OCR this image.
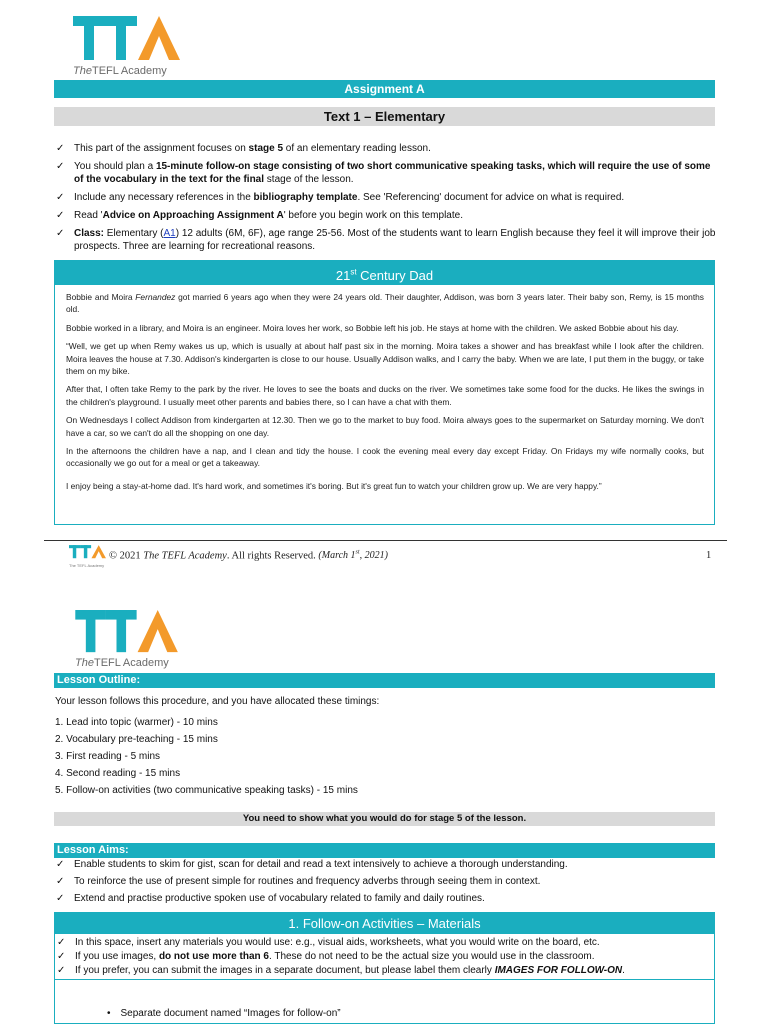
TheTEFL Academy
Assignment A
Text 1 – Elementary
✓ This part of the assignment focuses on stage 5 of an elementary reading lesson.
✓ You should plan a 15-minute follow-on stage consisting of two short communicative speaking tasks, which will require the use of some of the vocabulary in the text for the final stage of the lesson.
✓ Include any necessary references in the bibliography template. See 'Referencing' document for advice on what is required.
✓ Read 'Advice on Approaching Assignment A' before you begin work on this template.
✓ Class: Elementary (A1) 12 adults (6M, 6F), age range 25-56. Most of the students want to learn English because they feel it will improve their job prospects. Three are learning for recreational reasons.
21st Century Dad

Bobbie and Moira Fernandez got married 6 years ago when they were 24 years old. Their daughter, Addison, was born 3 years later. Their baby son, Remy, is 15 months old.

Bobbie worked in a library, and Moira is an engineer. Moira loves her work, so Bobbie left his job. He stays at home with the children. We asked Bobbie about his day.

“Well, we get up when Remy wakes us up, which is usually at about half past six in the morning. Moira takes a shower and has breakfast while I look after the children. Moira leaves the house at 7.30. Addison's kindergarten is close to our house. Usually Addison walks, and I carry the baby. When we are late, I put them in the buggy, or take them on my bike.

After that, I often take Remy to the park by the river. He loves to see the boats and ducks on the river. We sometimes take some food for the ducks. He likes the swings in the children's playground. I usually meet other parents and babies there, so I can have a chat with them.

On Wednesdays I collect Addison from kindergarten at 12.30. Then we go to the market to buy food. Moira always goes to the supermarket on Saturday morning. We don't have a car, so we can't do all the shopping on one day.

In the afternoons the children have a nap, and I clean and tidy the house. I cook the evening meal every day except Friday. On Fridays my wife normally cooks, but occasionally we go out for a meal or get a takeaway.

I enjoy being a stay-at-home dad. It's hard work, and sometimes it's boring. But it's great fun to watch your children grow up. We are very happy.”

The TEFL Academy
© 2021 The TEFL Academy. All rights Reserved. (March 1st, 2021)	1
TheTEFL Academy
Lesson Outline:
Your lesson follows this procedure, and you have allocated these timings:
1. Lead into topic (warmer) - 10 mins
2. Vocabulary pre-teaching - 15 mins
3. First reading - 5 mins
4. Second reading - 15 mins
5. Follow-on activities (two communicative speaking tasks) - 15 mins
You need to show what you would do for stage 5 of the lesson.
Lesson Aims:
✓ Enable students to skim for gist, scan for detail and read a text intensively to achieve a thorough understanding.
✓ To reinforce the use of present simple for routines and frequency adverbs through seeing them in context.
✓ Extend and practise productive spoken use of vocabulary related to family and daily routines.
1. Follow-on Activities – Materials
✓ In this space, insert any materials you would use: e.g., visual aids, worksheets, what you would write on the board, etc.
✓ If you use images, do not use more than 6. These do not need to be the actual size you would use in the classroom.
✓ If you prefer, you can submit the images in a separate document, but please label them clearly IMAGES FOR FOLLOW-ON.
• Separate document named “Images for follow-on”
